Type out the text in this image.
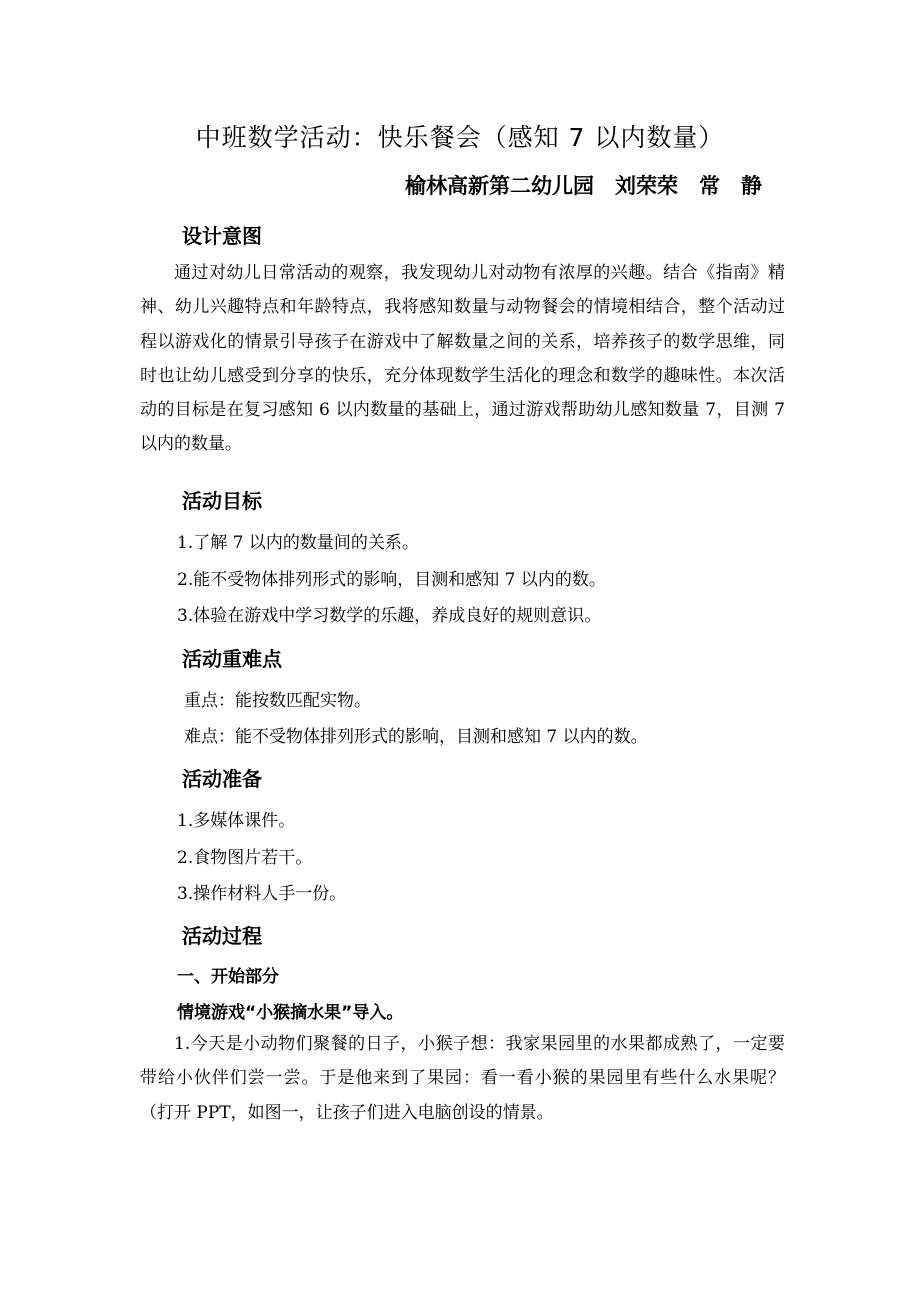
中班数学活动：快乐餐会（感知 7 以内数量）
榆林高新第二幼儿园　刘荣荣　常　静
设计意图

通过对幼儿日常活动的观察，我发现幼儿对动物有浓厚的兴趣。结合《指南》精神、幼儿兴趣特点和年龄特点，我将感知数量与动物餐会的情境相结合，整个活动过程以游戏化的情景引导孩子在游戏中了解数量之间的关系，培养孩子的数学思维，同时也让幼儿感受到分享的快乐，充分体现数学生活化的理念和数学的趣味性。本次活动的目标是在复习感知 6 以内数量的基础上，通过游戏帮助幼儿感知数量 7，目测 7 以内的数量。

活动目标

1.了解 7 以内的数量间的关系。

2.能不受物体排列形式的影响，目测和感知 7 以内的数。

3.体验在游戏中学习数学的乐趣，养成良好的规则意识。

活动重难点

重点：能按数匹配实物。

难点：能不受物体排列形式的影响，目测和感知 7 以内的数。

活动准备

1.多媒体课件。

2.食物图片若干。

3.操作材料人手一份。

活动过程
一、开始部分
情境游戏“小猴摘水果”导入。

1.今天是小动物们聚餐的日子，小猴子想：我家果园里的水果都成熟了，一定要带给小伙伴们尝一尝。于是他来到了果园：看一看小猴的果园里有些什么水果呢？（打开 PPT，如图一，让孩子们进入电脑创设的情景。
